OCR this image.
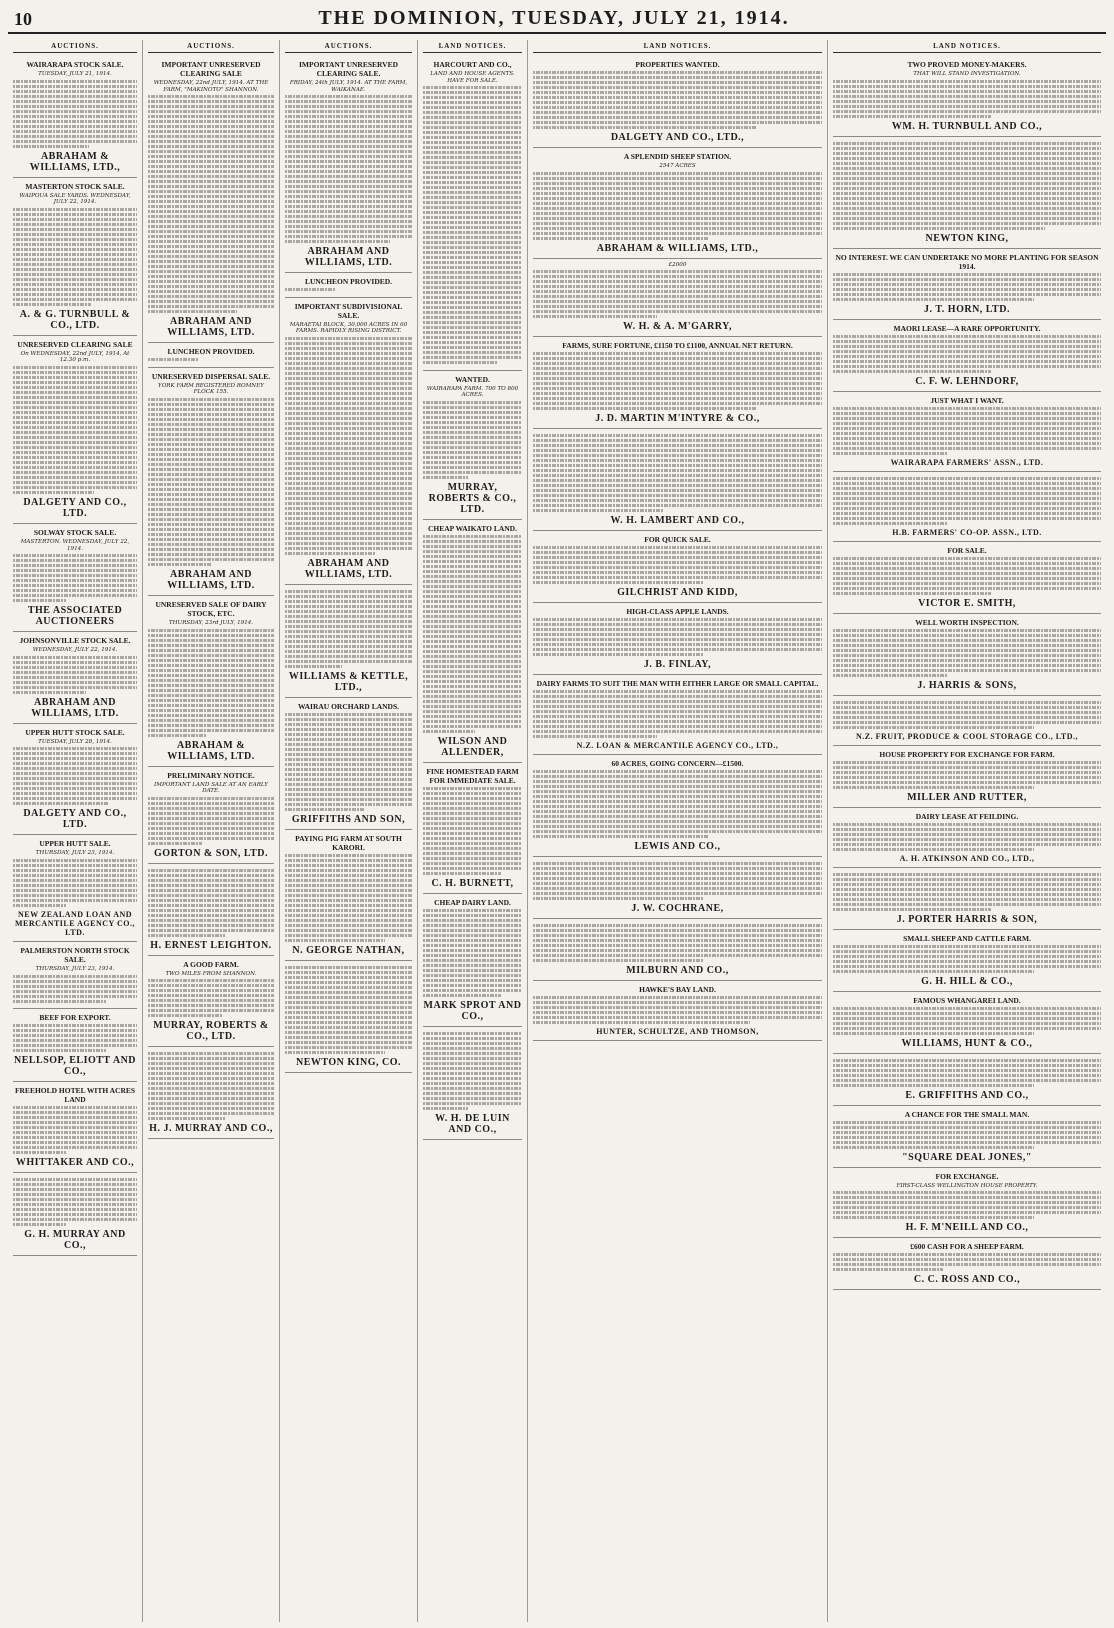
10	THE DOMINION, TUESDAY, JULY 21, 1914.
AUCTIONS.
WAIRARAPA STOCK SALE.
TUESDAY, JULY 21, 1914.
ABRAHAM & WILLIAMS, LTD.,
MASTERTON STOCK SALE.
WAIPOUA SALE YARDS. WEDNESDAY, JULY 22, 1914.
A. & G. TURNBULL & CO., LTD.
UNRESERVED CLEARING SALE
On WEDNESDAY, 22nd JULY, 1914, At 12.30 p.m.
DALGETY AND CO., LTD.
SOLWAY STOCK SALE.
MASTERTON. WEDNESDAY, JULY 22, 1914.
THE ASSOCIATED AUCTIONEERS
JOHNSONVILLE STOCK SALE.
WEDNESDAY, JULY 22, 1914.
ABRAHAM AND WILLIAMS, LTD.
UPPER HUTT STOCK SALE.
TUESDAY, JULY 28, 1914.
DALGETY AND CO., LTD.
UPPER HUTT SALE.
THURSDAY, JULY 23, 1914.
NEW ZEALAND LOAN AND MERCANTILE AGENCY CO., LTD.
PALMERSTON NORTH STOCK SALE.
THURSDAY, JULY 23, 1914.
BEEF FOR EXPORT.
NELLSOP, ELIOTT AND CO.,
FREEHOLD HOTEL WITH ACRES LAND
WHITTAKER AND CO.,
G. H. MURRAY AND CO.,
AUCTIONS.
IMPORTANT UNRESERVED CLEARING SALE
WEDNESDAY, 22nd JULY, 1914. AT THE FARM, "MAKINOTO" SHANNON.
ABRAHAM AND WILLIAMS, LTD.
LUNCHEON PROVIDED.
UNRESERVED DISPERSAL SALE.
YORK FARM REGISTERED ROMNEY FLOCK 155.
ABRAHAM AND WILLIAMS, LTD.
UNRESERVED SALE OF DAIRY STOCK, ETC.
THURSDAY, 23rd JULY, 1914.
ABRAHAM & WILLIAMS, LTD.
PRELIMINARY NOTICE.
IMPORTANT LAND SALE AT AN EARLY DATE.
GORTON & SON, LTD.
H. ERNEST LEIGHTON.
A GOOD FARM.
TWO MILES FROM SHANNON.
MURRAY, ROBERTS & CO., LTD.
H. J. MURRAY AND CO.,
AUCTIONS.
IMPORTANT UNRESERVED CLEARING SALE.
FRIDAY, 24th JULY, 1914. AT THE FARM, WAIKANAE.
ABRAHAM AND WILLIAMS, LTD.
LUNCHEON PROVIDED.
IMPORTANT SUBDIVISIONAL SALE.
MARAETAI BLOCK, 30,000 ACRES IN 60 FARMS. RAPIDLY RISING DISTRICT.
ABRAHAM AND WILLIAMS, LTD.
WILLIAMS & KETTLE, LTD.,
WAIRAU ORCHARD LANDS.
GRIFFITHS AND SON,
PAYING PIG FARM AT SOUTH KARORI.
N. GEORGE NATHAN,
NEWTON KING, CO.
LAND NOTICES.
HARCOURT AND CO.,
LAND AND HOUSE AGENTS. HAVE FOR SALE.
WANTED.
WAIRARAPA FARM. 700 TO 800 ACRES.
MURRAY, ROBERTS & CO., LTD.
CHEAP WAIKATO LAND.
WILSON AND ALLENDER,
FINE HOMESTEAD FARM FOR IMMEDIATE SALE.
C. H. BURNETT,
CHEAP DAIRY LAND.
MARK SPROT AND CO.,
W. H. DE LUIN AND CO.,
LAND NOTICES.
PROPERTIES WANTED.
DALGETY AND CO., LTD.,
A SPLENDID SHEEP STATION.
2547 ACRES
ABRAHAM & WILLIAMS, LTD.,
£2000
W. H. & A. M'GARRY,
FARMS, SURE FORTUNE, £1150 TO £1100, ANNUAL NET RETURN.
J. D. MARTIN M'INTYRE & CO.,
W. H. LAMBERT AND CO.,
FOR QUICK SALE.
GILCHRIST AND KIDD,
HIGH-CLASS APPLE LANDS.
J. B. FINLAY,
DAIRY FARMS TO SUIT THE MAN WITH EITHER LARGE OR SMALL CAPITAL.
N.Z. LOAN & MERCANTILE AGENCY CO., LTD.,
60 ACRES, GOING CONCERN—£1500.
LEWIS AND CO.,
J. W. COCHRANE,
MILBURN AND CO.,
HAWKE'S BAY LAND.
HUNTER, SCHULTZE, AND THOMSON,
LAND NOTICES.
TWO PROVED MONEY-MAKERS.
THAT WILL STAND INVESTIGATION.
WM. H. TURNBULL AND CO.,
NEWTON KING,
NO INTEREST. WE CAN UNDERTAKE NO MORE PLANTING FOR SEASON 1914.
J. T. HORN, LTD.
MAORI LEASE—A RARE OPPORTUNITY.
C. F. W. LEHNDORF,
JUST WHAT I WANT.
WAIRARAPA FARMERS' ASSN., LTD.
H.B. FARMERS' CO-OP. ASSN., LTD.
FOR SALE.
VICTOR E. SMITH,
WELL WORTH INSPECTION.
J. HARRIS & SONS,
N.Z. FRUIT, PRODUCE & COOL STORAGE CO., LTD.,
HOUSE PROPERTY FOR EXCHANGE FOR FARM.
MILLER AND RUTTER,
DAIRY LEASE AT FEILDING.
A. H. ATKINSON AND CO., LTD.,
J. PORTER HARRIS & SON,
SMALL SHEEP AND CATTLE FARM.
G. H. HILL & CO.,
FAMOUS WHANGAREI LAND.
WILLIAMS, HUNT & CO.,
E. GRIFFITHS AND CO.,
A CHANCE FOR THE SMALL MAN.
"SQUARE DEAL JONES,"
FOR EXCHANGE.
FIRST-CLASS WELLINGTON HOUSE PROPERTY.
H. F. M'NEILL AND CO.,
£600 CASH FOR A SHEEP FARM.
C. C. ROSS AND CO.,
